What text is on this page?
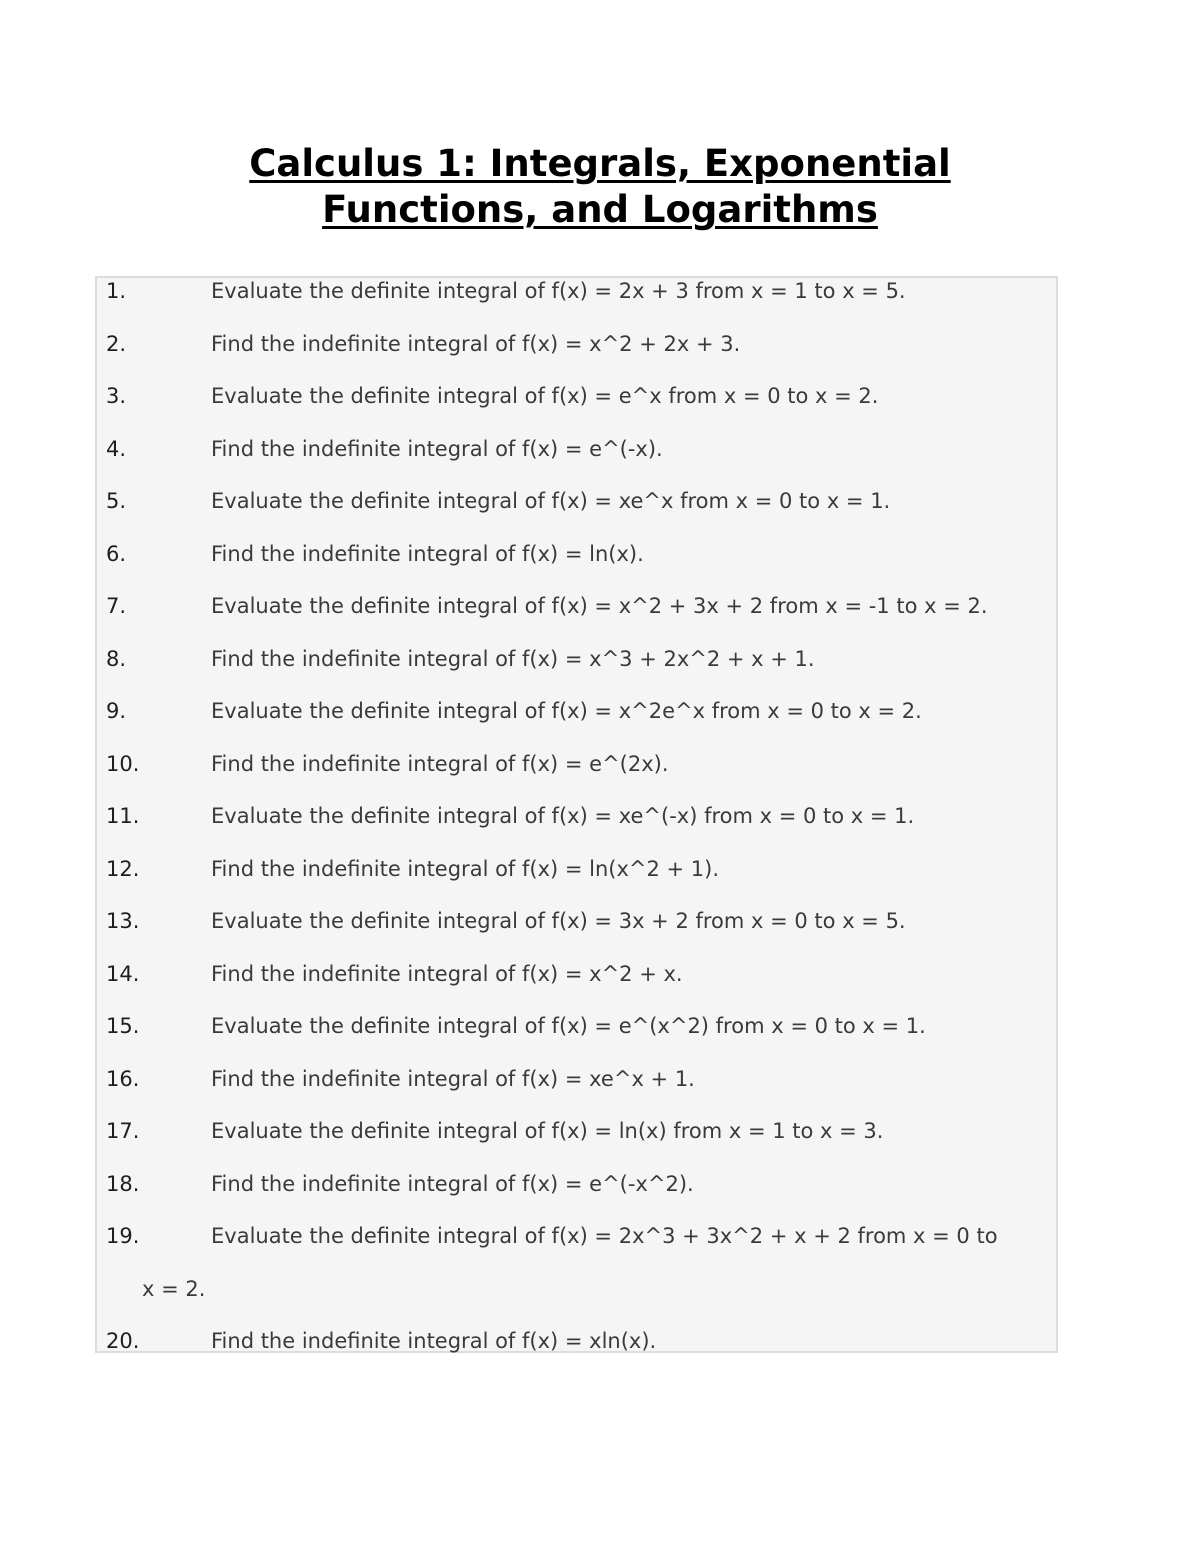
Calculus 1: Integrals, Exponential
Functions, and Logarithms
1.	Evaluate the definite integral of f(x) = 2x + 3 from x = 1 to x = 5.
2.	Find the indefinite integral of f(x) = x^2 + 2x + 3.
3.	Evaluate the definite integral of f(x) = e^x from x = 0 to x = 2.
4.	Find the indefinite integral of f(x) = e^(-x).
5.	Evaluate the definite integral of f(x) = xe^x from x = 0 to x = 1.
6.	Find the indefinite integral of f(x) = ln(x).
7.	Evaluate the definite integral of f(x) = x^2 + 3x + 2 from x = -1 to x = 2.
8.	Find the indefinite integral of f(x) = x^3 + 2x^2 + x + 1.
9.	Evaluate the definite integral of f(x) = x^2e^x from x = 0 to x = 2.
10.	Find the indefinite integral of f(x) = e^(2x).
11.	Evaluate the definite integral of f(x) = xe^(-x) from x = 0 to x = 1.
12.	Find the indefinite integral of f(x) = ln(x^2 + 1).
13.	Evaluate the definite integral of f(x) = 3x + 2 from x = 0 to x = 5.
14.	Find the indefinite integral of f(x) = x^2 + x.
15.	Evaluate the definite integral of f(x) = e^(x^2) from x = 0 to x = 1.
16.	Find the indefinite integral of f(x) = xe^x + 1.
17.	Evaluate the definite integral of f(x) = ln(x) from x = 1 to x = 3.
18.	Find the indefinite integral of f(x) = e^(-x^2).
19.	Evaluate the definite integral of f(x) = 2x^3 + 3x^2 + x + 2 from x = 0 to
x = 2.
20.	Find the indefinite integral of f(x) = xln(x).
